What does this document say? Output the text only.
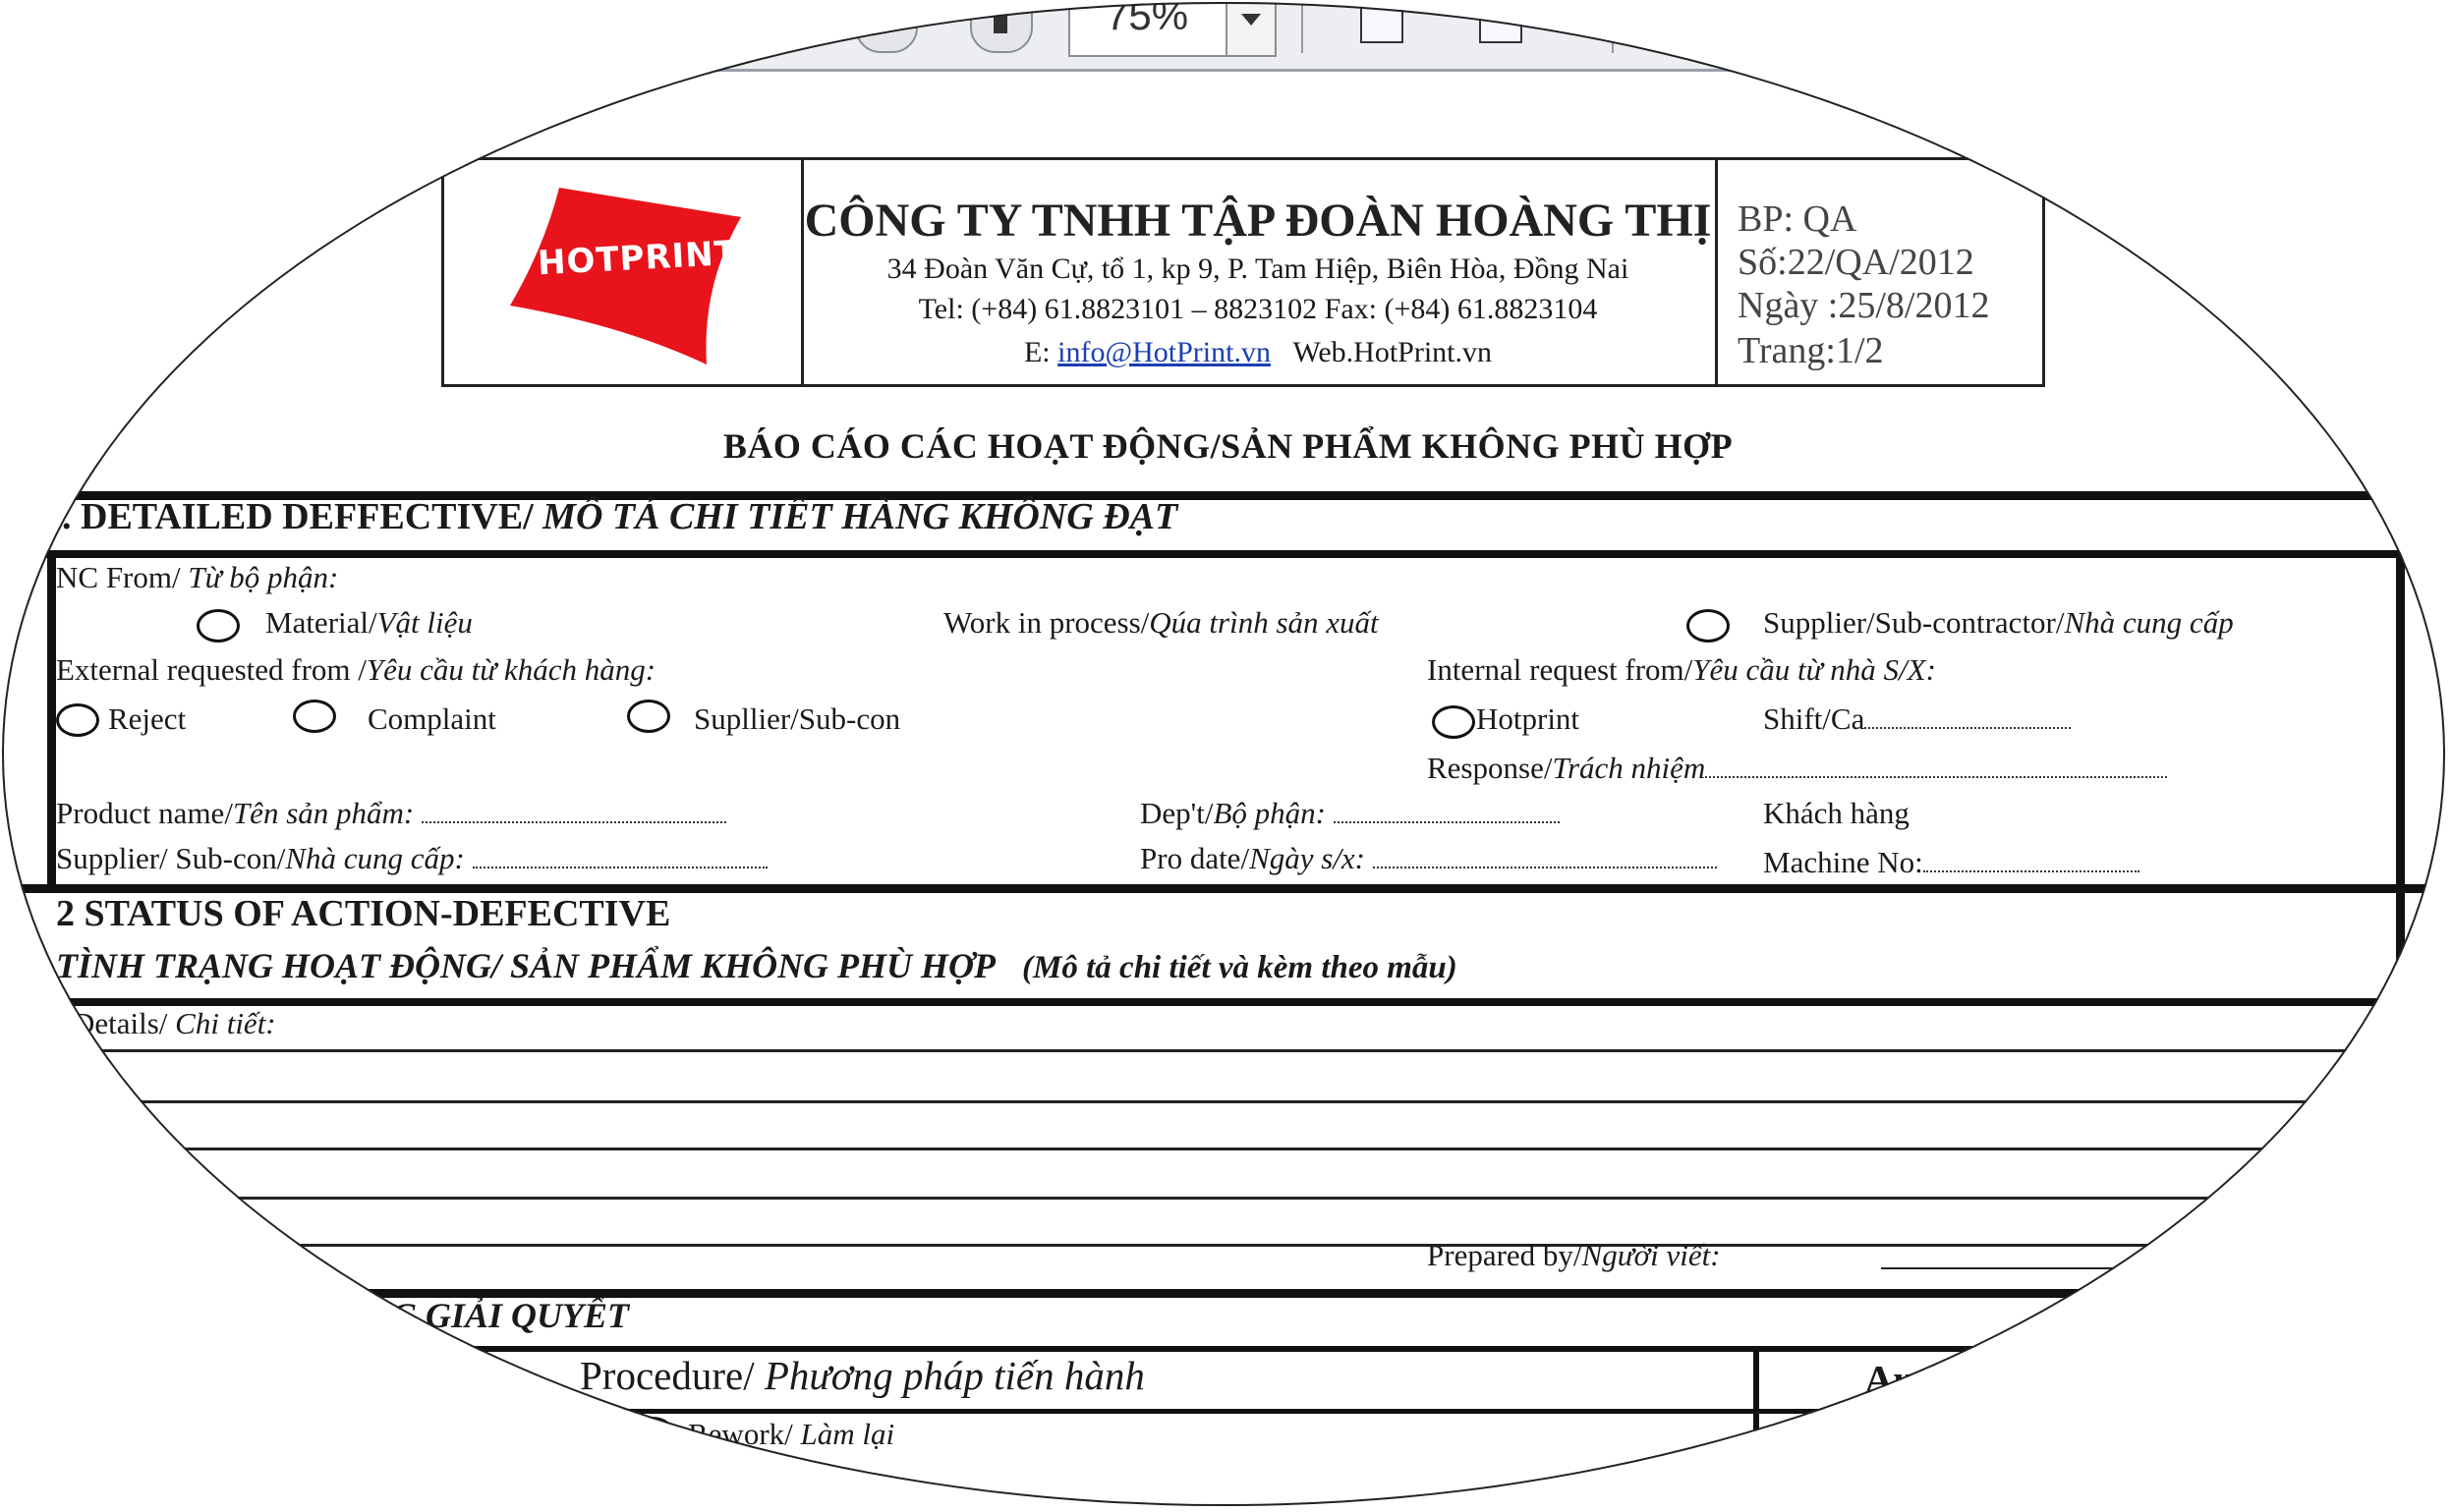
75%
HOTPRINT
CÔNG TY TNHH TẬP ĐOÀN HOÀNG THỊ
34 Đoàn Văn Cự, tổ 1, kp 9, P. Tam Hiệp, Biên Hòa, Đồng Nai
Tel: (+84) 61.8823101 – 8823102 Fax: (+84) 61.8823104
E: info@HotPrint.vn Web.HotPrint.vn
BP: QA
Số:22/QA/2012
Ngày :25/8/2012
Trang:1/2
BÁO CÁO CÁC HOẠT ĐỘNG/SẢN PHẨM KHÔNG PHÙ HỢP
1. DETAILED DEFFECTIVE/ MÔ TẢ CHI TIẾT HÀNG KHÔNG ĐẠT
NC From/ Từ bộ phận:
Material/Vật liệu	Work in process/Qúa trình sản xuất	Supplier/Sub-contractor/Nhà cung cấp
External requested from /Yêu cầu từ khách hàng:	Internal request from/Yêu cầu từ nhà S/X:
Reject	Complaint	Supllier/Sub-con	Hotprint	Shift/Ca
Response/Trách nhiệm
Product name/Tên sản phẩm:	Dep't/Bộ phận:	Khách hàng
Supplier/ Sub-con/Nhà cung cấp:	Pro date/Ngày s/x:	Machine No:
2 STATUS OF ACTION-DEFECTIVE
TÌNH TRẠNG HOẠT ĐỘNG/ SẢN PHẨM KHÔNG PHÙ HỢP (Mô tả chi tiết và kèm theo mẫu)
Details/ Chi tiết:
Prepared by/Người viết:
NG GIẢI QUYẾT
Procedure/ Phương pháp tiến hành	Auth
Rework/ Làm lại
Chấp nhận
